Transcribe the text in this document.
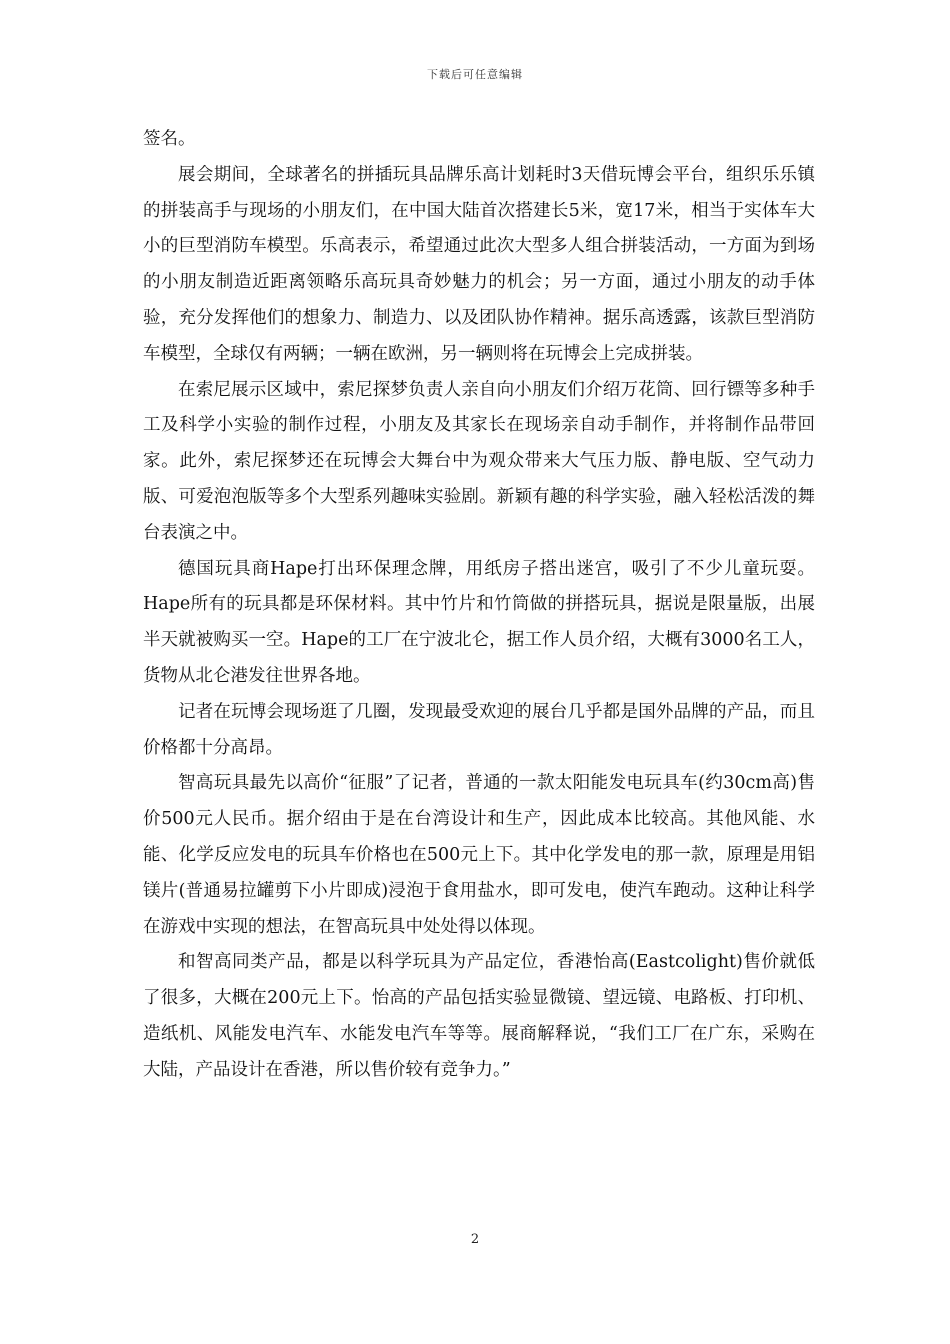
下载后可任意编辑

签名。

展会期间，全球著名的拼插玩具品牌乐高计划耗时3天借玩博会平台，组织乐乐镇的拼装高手与现场的小朋友们，在中国大陆首次搭建长5米，宽17米，相当于实体车大小的巨型消防车模型。乐高表示，希望通过此次大型多人组合拼装活动，一方面为到场的小朋友制造近距离领略乐高玩具奇妙魅力的机会；另一方面，通过小朋友的动手体验，充分发挥他们的想象力、制造力、以及团队协作精神。据乐高透露，该款巨型消防车模型，全球仅有两辆；一辆在欧洲，另一辆则将在玩博会上完成拼装。

在索尼展示区域中，索尼探梦负责人亲自向小朋友们介绍万花筒、回行镖等多种手工及科学小实验的制作过程，小朋友及其家长在现场亲自动手制作，并将制作品带回家。此外，索尼探梦还在玩博会大舞台中为观众带来大气压力版、静电版、空气动力版、可爱泡泡版等多个大型系列趣味实验剧。新颖有趣的科学实验，融入轻松活泼的舞台表演之中。

德国玩具商Hape打出环保理念牌，用纸房子搭出迷宫，吸引了不少儿童玩耍。Hape所有的玩具都是环保材料。其中竹片和竹筒做的拼搭玩具，据说是限量版，出展半天就被购买一空。Hape的工厂在宁波北仑，据工作人员介绍，大概有3000名工人，货物从北仑港发往世界各地。

记者在玩博会现场逛了几圈，发现最受欢迎的展台几乎都是国外品牌的产品，而且价格都十分高昂。

智高玩具最先以高价“征服”了记者，普通的一款太阳能发电玩具车(约30cm高)售价500元人民币。据介绍由于是在台湾设计和生产，因此成本比较高。其他风能、水能、化学反应发电的玩具车价格也在500元上下。其中化学发电的那一款，原理是用铝镁片(普通易拉罐剪下小片即成)浸泡于食用盐水，即可发电，使汽车跑动。这种让科学在游戏中实现的想法，在智高玩具中处处得以体现。

和智高同类产品，都是以科学玩具为产品定位，香港怡高(Eastcolight)售价就低了很多，大概在200元上下。怡高的产品包括实验显微镜、望远镜、电路板、打印机、造纸机、风能发电汽车、水能发电汽车等等。展商解释说，“我们工厂在广东，采购在大陆，产品设计在香港，所以售价较有竞争力。”

2
